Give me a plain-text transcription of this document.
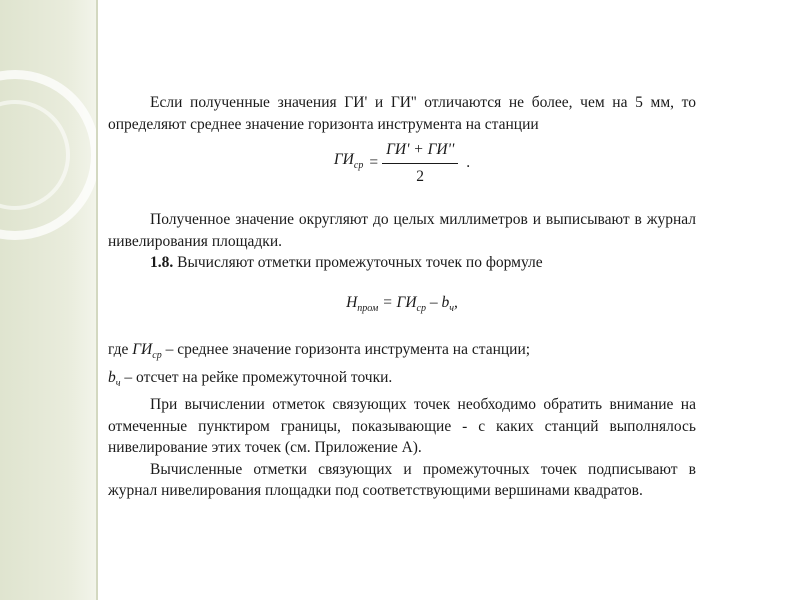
Если полученные значения ГИ' и ГИ'' отличаются не более, чем на 5 мм, то определяют среднее значение горизонта инструмента на станции

$ГИ_{ср} = \frac{ГИ' + ГИ''}{2}$ .

Полученное значение округляют до целых миллиметров и выписывают в журнал нивелирования площадки.

1.8. Вычисляют отметки промежуточных точек по формуле

$H_{пром} = ГИ_{ср} - b_ч$,

где $ГИ_{ср}$ – среднее значение горизонта инструмента на станции;

$b_ч$ – отсчет на рейке промежуточной точки.

При вычислении отметок связующих точек необходимо обратить внимание на отмеченные пунктиром границы, показывающие - с каких станций выполнялось нивелирование этих точек (см. Приложение А).

Вычисленные отметки связующих и промежуточных точек подписывают в журнал нивелирования площадки под соответствующими вершинами квадратов.
